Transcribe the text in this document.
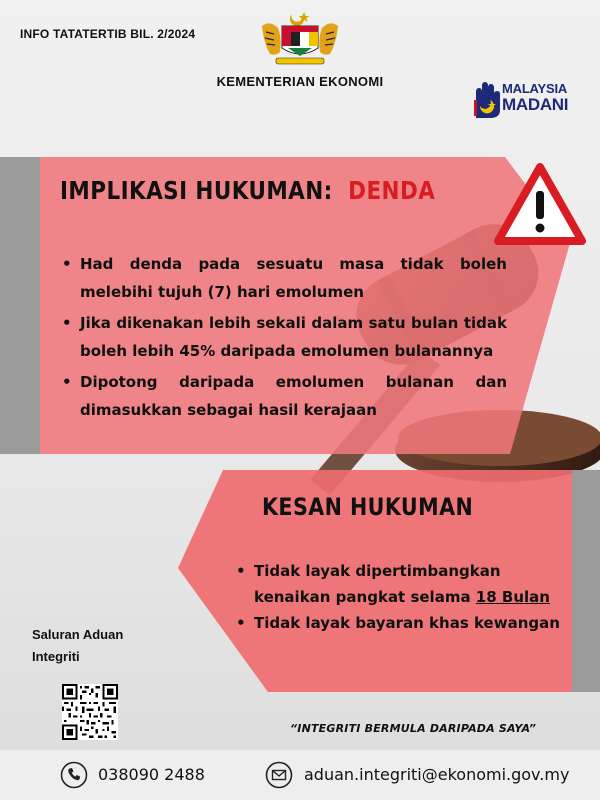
INFO TATATERTIB BIL. 2/2024
KEMENTERIAN EKONOMI	MALAYSIA
MADANI
IMPLIKASI HUKUMAN: DENDA
• Had denda pada sesuatu masa tidak boleh melebihi tujuh (7) hari emolumen
• Jika dikenakan lebih sekali dalam satu bulan tidak boleh lebih 45% daripada emolumen bulanannya
• Dipotong daripada emolumen bulanan dan dimasukkan sebagai hasil kerajaan
KESAN HUKUMAN
• Tidak layak dipertimbangkan kenaikan pangkat selama 18 Bulan
• Tidak layak bayaran khas kewangan
Saluran Aduan
Integriti
“INTEGRITI BERMULA DARIPADA SAYA”
038090 2488	aduan.integriti@ekonomi.gov.my
